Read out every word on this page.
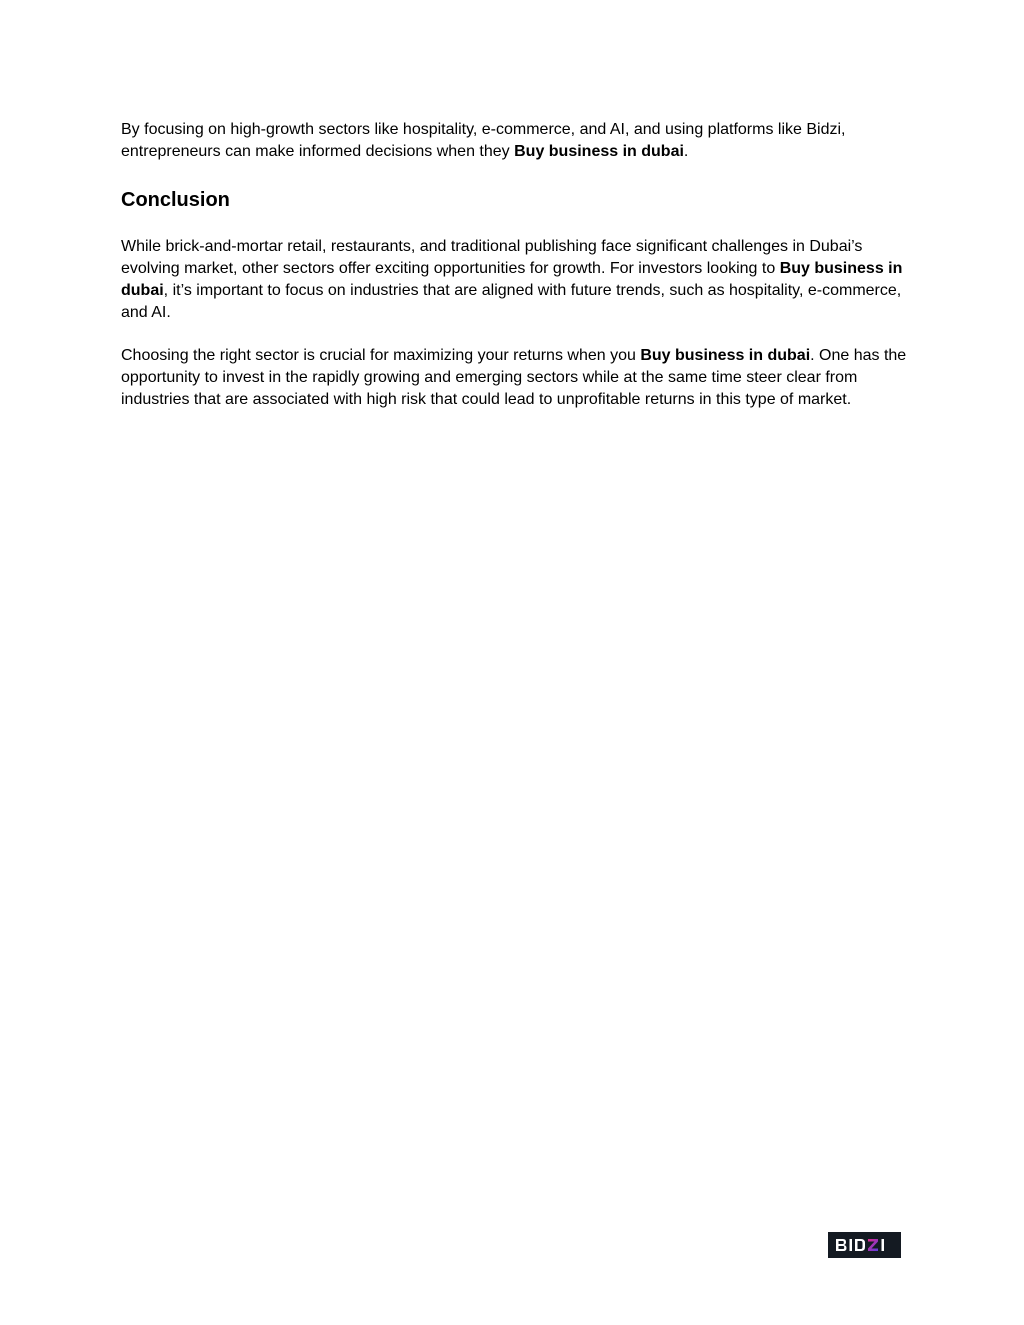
By focusing on high-growth sectors like hospitality, e-commerce, and AI, and using platforms like Bidzi, entrepreneurs can make informed decisions when they Buy business in dubai.

Conclusion

While brick-and-mortar retail, restaurants, and traditional publishing face significant challenges in Dubai’s evolving market, other sectors offer exciting opportunities for growth. For investors looking to Buy business in dubai, it’s important to focus on industries that are aligned with future trends, such as hospitality, e-commerce, and AI.

Choosing the right sector is crucial for maximizing your returns when you Buy business in dubai. One has the opportunity to invest in the rapidly growing and emerging sectors while at the same time steer clear from industries that are associated with high risk that could lead to unprofitable returns in this type of market.
